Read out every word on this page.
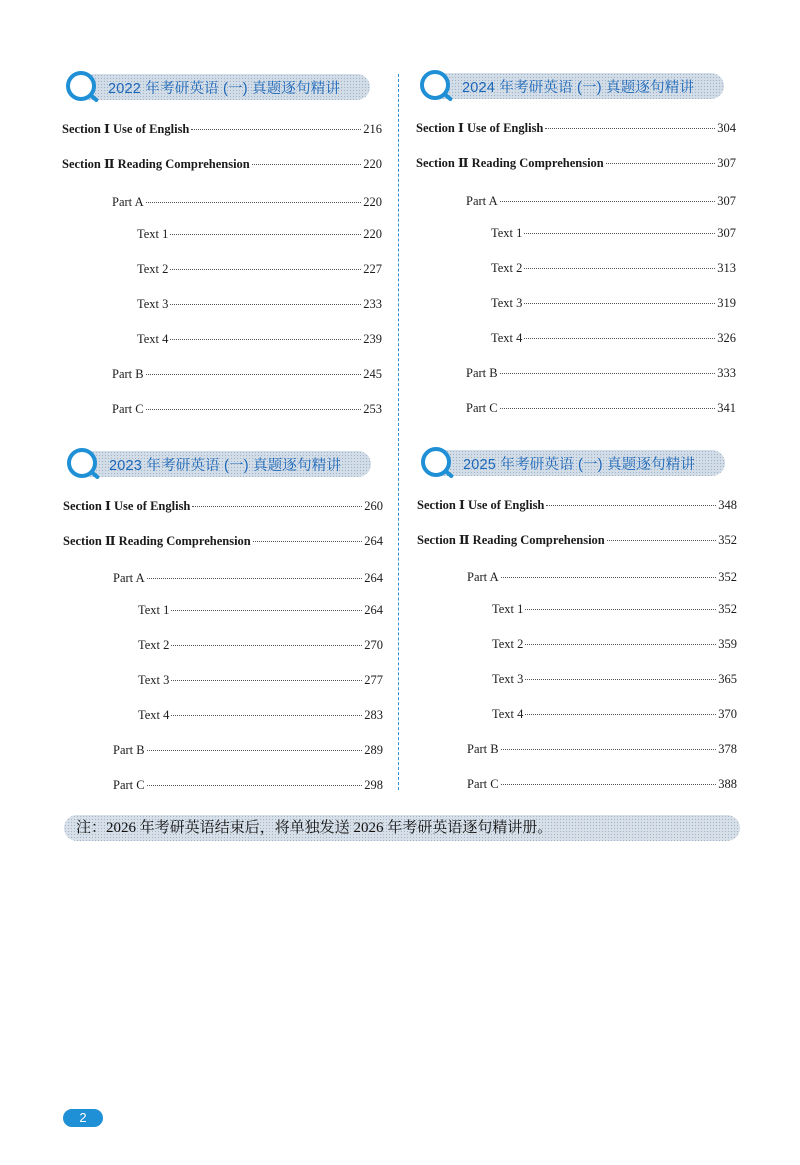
2022 年考研英语 (一) 真题逐句精讲
Section Ⅰ Use of English	216
Section Ⅱ Reading Comprehension	220
Part A	220
Text 1	220
Text 2	227
Text 3	233
Text 4	239
Part B	245
Part C	253
2024 年考研英语 (一) 真题逐句精讲
Section Ⅰ Use of English	304
Section Ⅱ Reading Comprehension	307
Part A	307
Text 1	307
Text 2	313
Text 3	319
Text 4	326
Part B	333
Part C	341
2023 年考研英语 (一) 真题逐句精讲
Section Ⅰ Use of English	260
Section Ⅱ Reading Comprehension	264
Part A	264
Text 1	264
Text 2	270
Text 3	277
Text 4	283
Part B	289
Part C	298
2025 年考研英语 (一) 真题逐句精讲
Section Ⅰ Use of English	348
Section Ⅱ Reading Comprehension	352
Part A	352
Text 1	352
Text 2	359
Text 3	365
Text 4	370
Part B	378
Part C	388
注：2026 年考研英语结束后，将单独发送 2026 年考研英语逐句精讲册。
2
